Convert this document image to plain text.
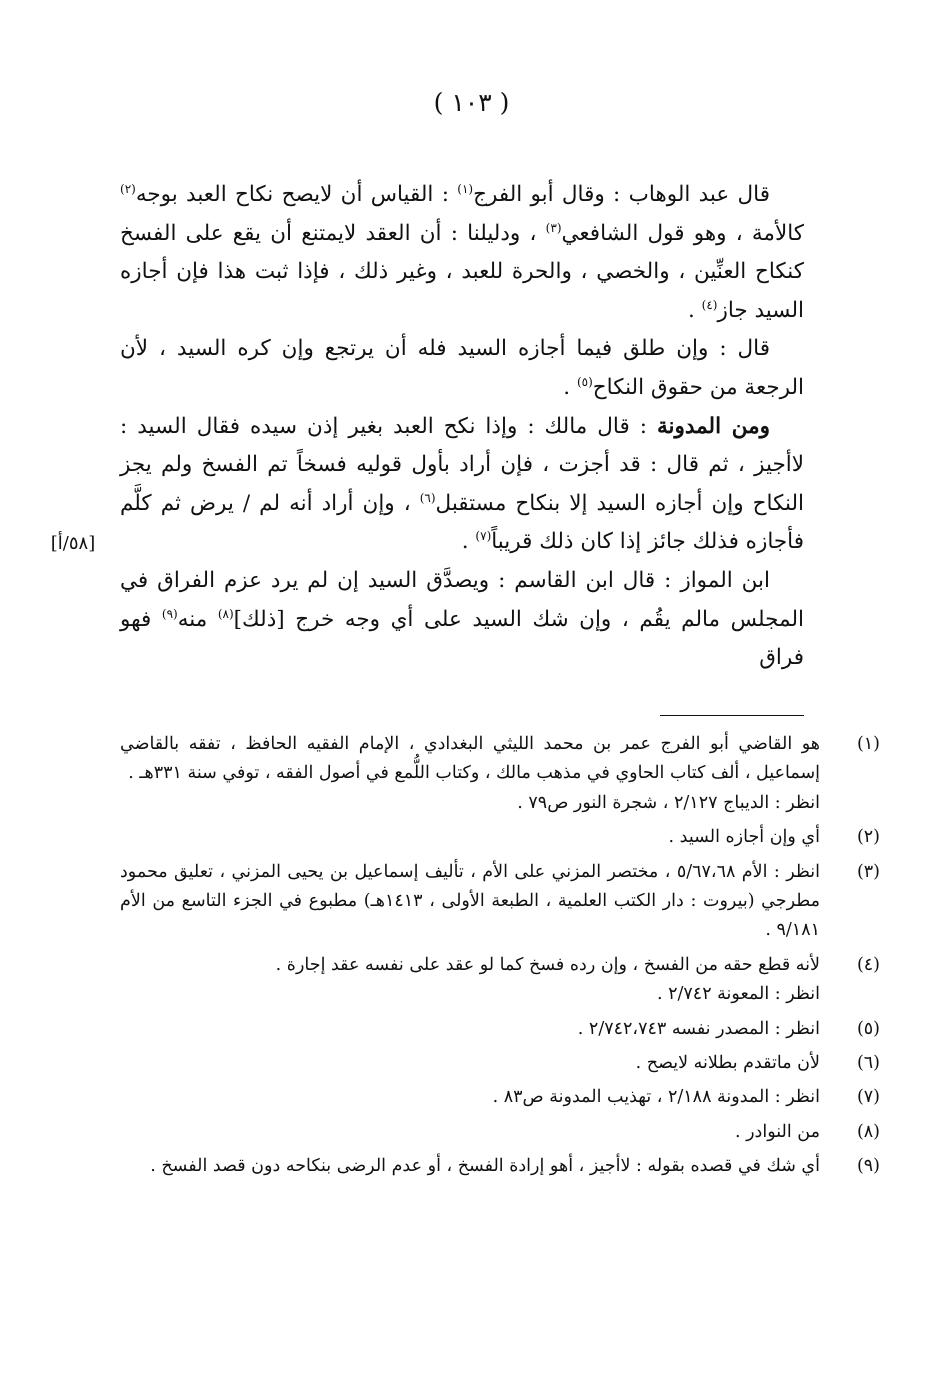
( ١٠٣ )

قال عبد الوهاب : وقال أبو الفرج$^{(١)}$ : القياس أن لايصح نكاح العبد بوجه$^{(٢)}$ كالأمة ، وهو قول الشافعي$^{(٣)}$ ، ودليلنا : أن العقد لايمتنع أن يقع على الفسخ كنكاح العنِّين ، والخصي ، والحرة للعبد ، وغير ذلك ، فإذا ثبت هذا فإن أجازه السيد جاز$^{(٤)}$ .

قال : وإن طلق فيما أجازه السيد فله أن يرتجع وإن كره السيد ، لأن الرجعة من حقوق النكاح$^{(٥)}$ .

ومن المدونة : قال مالك : وإذا نكح العبد بغير إذن سيده فقال السيد : لاأجيز ، ثم قال : قد أجزت ، فإن أراد بأول قوليه فسخاً تم الفسخ ولم يجز النكاح وإن أجازه السيد إلا بنكاح مستقبل$^{(٦)}$ ، وإن أراد أنه لم / يرض ثم كلَّم فأجازه فذلك جائز إذا كان ذلك قريباً$^{(٧)}$ .

ابن المواز : قال ابن القاسم : ويصدَّق السيد إن لم يرد عزم الفراق في المجلس مالم يقُم ، وإن شك السيد على أي وجه خرج [ذلك]$^{(٨)}$ منه$^{(٩)}$ فهو فراق

[٥٨/أ]
(١)
هو القاضي أبو الفرج عمر بن محمد الليثي البغدادي ، الإمام الفقيه الحافظ ، تفقه بالقاضي إسماعيل ، ألف كتاب الحاوي في مذهب مالك ، وكتاب اللُّمع في أصول الفقه ، توفي سنة ٣٣١هـ .
انظر : الديباج ٢/١٢٧ ، شجرة النور ص٧٩ .
(٢)
أي وإن أجازه السيد .
(٣)
انظر : الأم ٥/٦٧،٦٨ ، مختصر المزني على الأم ، تأليف إسماعيل بن يحيى المزني ، تعليق محمود مطرجي (بيروت : دار الكتب العلمية ، الطبعة الأولى ، ١٤١٣هـ) مطبوع في الجزء التاسع من الأم ٩/١٨١ .
(٤)
لأنه قطع حقه من الفسخ ، وإن رده فسخ كما لو عقد على نفسه عقد إجارة .
انظر : المعونة ٢/٧٤٢ .
(٥)
انظر : المصدر نفسه ٢/٧٤٢،٧٤٣ .
(٦)
لأن ماتقدم بطلانه لايصح .
(٧)
انظر : المدونة ٢/١٨٨ ، تهذيب المدونة ص٨٣ .
(٨)
من النوادر .
(٩)
أي شك في قصده بقوله : لاأجيز ، أهو إرادة الفسخ ، أو عدم الرضى بنكاحه دون قصد الفسخ .
